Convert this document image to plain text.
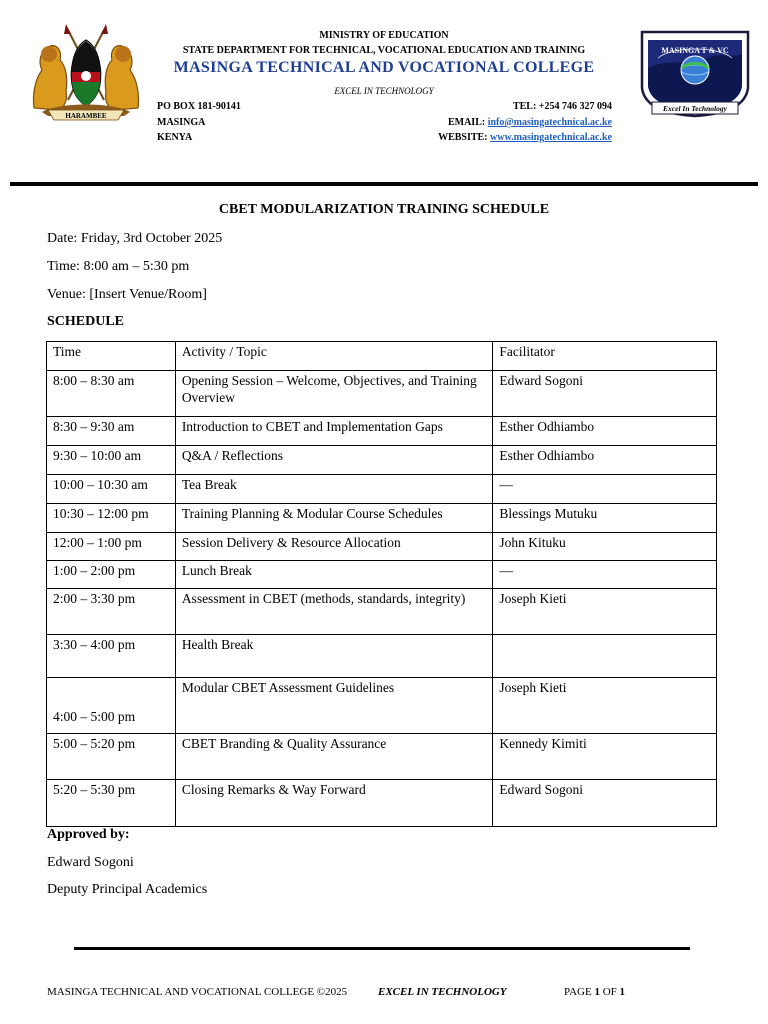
HARAMBEE
MINISTRY OF EDUCATION
STATE DEPARTMENT FOR TECHNICAL, VOCATIONAL EDUCATION AND TRAINING
MASINGA TECHNICAL AND VOCATIONAL COLLEGE
EXCEL IN TECHNOLOGY
PO BOX 181-90141
MASINGA
KENYA
TEL: +254 746 327 094
EMAIL: info@masingatechnical.ac.ke
WEBSITE: www.masingatechnical.ac.ke
MASINGA T & VC
Excel In Technology
CBET MODULARIZATION TRAINING SCHEDULE
Date: Friday, 3rd October 2025
Time: 8:00 am – 5:30 pm
Venue: [Insert Venue/Room]
SCHEDULE
Time	Activity / Topic	Facilitator
8:00 – 8:30 am	Opening Session – Welcome, Objectives, and Training Overview	Edward Sogoni
8:30 – 9:30 am	Introduction to CBET and Implementation Gaps	Esther Odhiambo
9:30 – 10:00 am	Q&A / Reflections	Esther Odhiambo
10:00 – 10:30 am	Tea Break	—
10:30 – 12:00 pm	Training Planning & Modular Course Schedules	Blessings Mutuku
12:00 – 1:00 pm	Session Delivery & Resource Allocation	John Kituku
1:00 – 2:00 pm	Lunch Break	—
2:00 – 3:30 pm	Assessment in CBET (methods, standards, integrity)	Joseph Kieti
3:30 – 4:00 pm	Health Break	
4:00 – 5:00 pm	Modular CBET Assessment Guidelines	Joseph Kieti
5:00 – 5:20 pm	CBET Branding & Quality Assurance	Kennedy Kimiti
5:20 – 5:30 pm	Closing Remarks & Way Forward	Edward Sogoni
Approved by:
Edward Sogoni
Deputy Principal Academics
MASINGA TECHNICAL AND VOCATIONAL COLLEGE ©2025	EXCEL IN TECHNOLOGY	PAGE 1 OF 1
